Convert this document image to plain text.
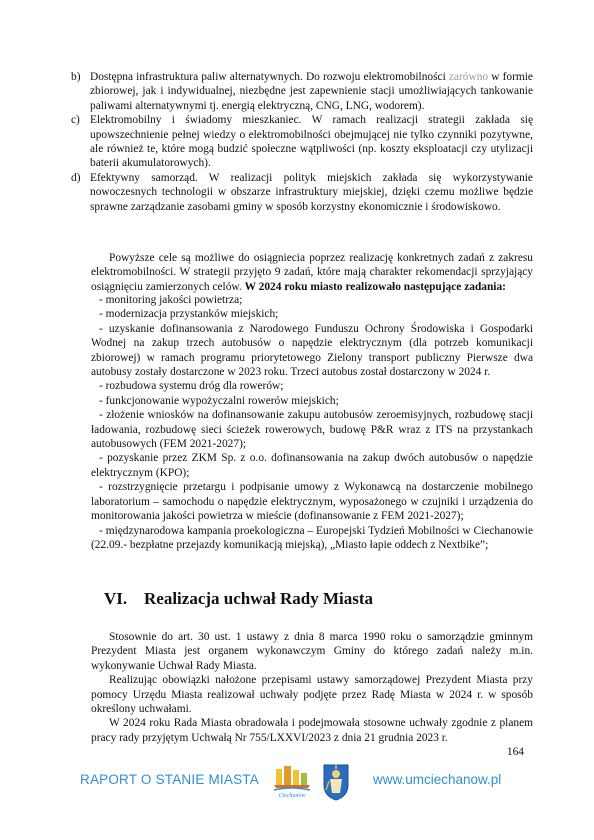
b) Dostępna infrastruktura paliw alternatywnych. Do rozwoju elektromobilności zarówno w formie zbiorowej, jak i indywidualnej, niezbędne jest zapewnienie stacji umożliwiających tankowanie paliwami alternatywnymi tj. energią elektryczną, CNG, LNG, wodorem).
c) Elektromobilny i świadomy mieszkaniec. W ramach realizacji strategii zakłada się upowszechnienie pełnej wiedzy o elektromobilności obejmującej nie tylko czynniki pozytywne, ale również te, które mogą budzić społeczne wątpliwości (np. koszty eksploatacji czy utylizacji baterii akumulatorowych).
d) Efektywny samorząd. W realizacji polityk miejskich zakłada się wykorzystywanie nowoczesnych technologii w obszarze infrastruktury miejskiej, dzięki czemu możliwe będzie sprawne zarządzanie zasobami gminy w sposób korzystny ekonomicznie i środowiskowo.

Powyższe cele są możliwe do osiągniecia poprzez realizację konkretnych zadań z zakresu elektromobilności. W strategii przyjęto 9 zadań, które mają charakter rekomendacji sprzyjający osiągnięciu zamierzonych celów. W 2024 roku miasto realizowało następujące zadania:

- monitoring jakości powietrza;

- modernizacja przystanków miejskich;

- uzyskanie dofinansowania z Narodowego Funduszu Ochrony Środowiska i Gospodarki Wodnej na zakup trzech autobusów o napędzie elektrycznym (dla potrzeb komunikacji zbiorowej) w ramach programu priorytetowego Zielony transport publiczny Pierwsze dwa autobusy zostały dostarczone w 2023 roku. Trzeci autobus został dostarczony w 2024 r.

- rozbudowa systemu dróg dla rowerów;

- funkcjonowanie wypożyczalni rowerów miejskich;

- złożenie wniosków na dofinansowanie zakupu autobusów zeroemisyjnych, rozbudowę stacji ładowania, rozbudowę sieci ścieżek rowerowych, budowę P&R wraz z ITS na przystankach autobusowych (FEM 2021-2027);

- pozyskanie przez ZKM Sp. z o.o. dofinansowania na zakup dwóch autobusów o napędzie elektrycznym (KPO);

- rozstrzygnięcie przetargu i podpisanie umowy z Wykonawcą na dostarczenie mobilnego laboratorium – samochodu o napędzie elektrycznym, wyposażonego w czujniki i urządzenia do monitorowania jakości powietrza w mieście (dofinansowanie z FEM 2021-2027);

- międzynarodowa kampania proekologiczna – Europejski Tydzień Mobilności w Ciechanowie (22.09.- bezpłatne przejazdy komunikacją miejską), „Miasto łapie oddech z Nextbike”;

VI. Realizacja uchwał Rady Miasta

Stosownie do art. 30 ust. 1 ustawy z dnia 8 marca 1990 roku o samorządzie gminnym Prezydent Miasta jest organem wykonawczym Gminy do którego zadań należy m.in. wykonywanie Uchwał Rady Miasta.

Realizując obowiązki nałożone przepisami ustawy samorządowej Prezydent Miasta przy pomocy Urzędu Miasta realizował uchwały podjęte przez Radę Miasta w 2024 r. w sposób określony uchwałami.

W 2024 roku Rada Miasta obradowała i podejmowała stosowne uchwały zgodnie z planem pracy rady przyjętym Uchwałą Nr 755/LXXVI/2023 z dnia 21 grudnia 2023 r.

164
RAPORT O STANIE MIASTA
Ciechanów
www.umciechanow.pl
